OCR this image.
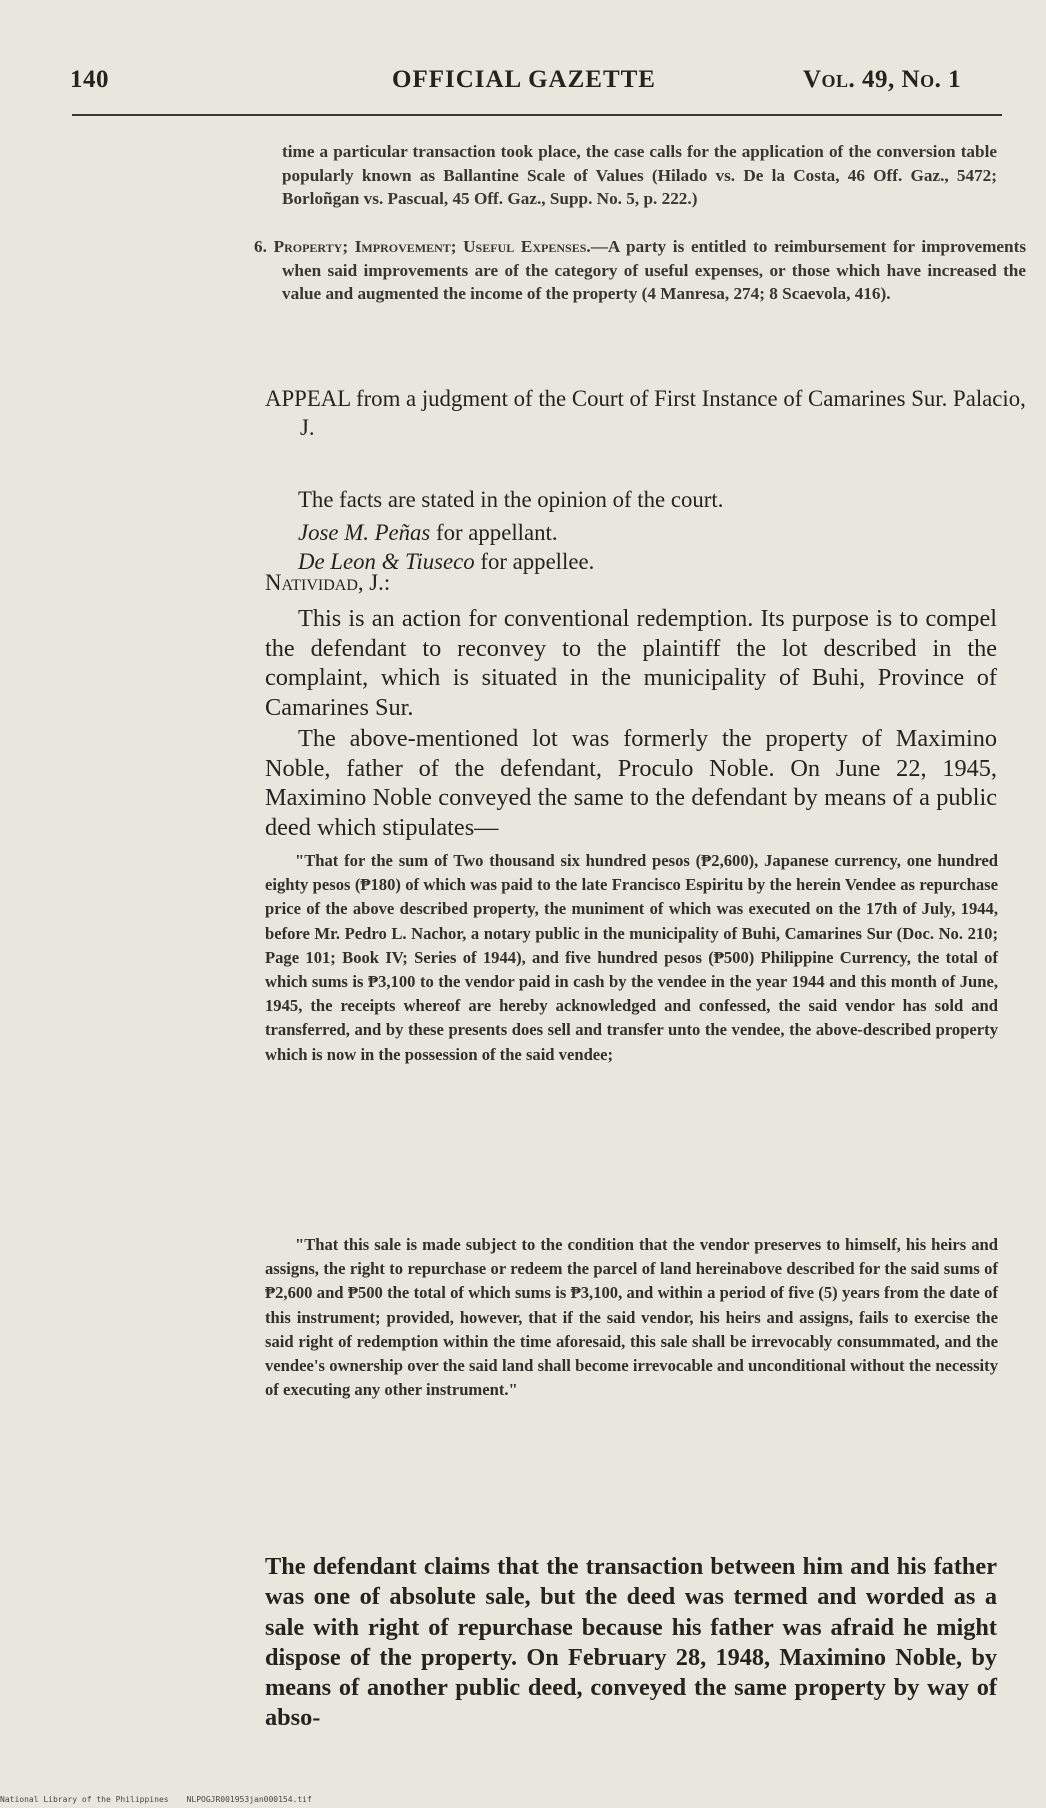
140	OFFICIAL GAZETTE	Vol. 49, No. 1

time a particular transaction took place, the case calls for the application of the conversion table popularly known as Ballantine Scale of Values (Hilado vs. De la Costa, 46 Off. Gaz., 5472; Borloñgan vs. Pascual, 45 Off. Gaz., Supp. No. 5, p. 222.)

6. Property; Improvement; Useful Expenses.—A party is entitled to reimbursement for improvements when said improvements are of the category of useful expenses, or those which have increased the value and augmented the income of the property (4 Manresa, 274; 8 Scaevola, 416).

APPEAL from a judgment of the Court of First Instance of Camarines Sur. Palacio, J.

The facts are stated in the opinion of the court.

Jose M. Peñas for appellant.

De Leon & Tiuseco for appellee.

Natividad, J.:

This is an action for conventional redemption. Its purpose is to compel the defendant to reconvey to the plaintiff the lot described in the complaint, which is situated in the municipality of Buhi, Province of Camarines Sur.

The above-mentioned lot was formerly the property of Maximino Noble, father of the defendant, Proculo Noble. On June 22, 1945, Maximino Noble conveyed the same to the defendant by means of a public deed which stipulates—

"That for the sum of Two thousand six hundred pesos (₱2,600), Japanese currency, one hundred eighty pesos (₱180) of which was paid to the late Francisco Espiritu by the herein Vendee as repurchase price of the above described property, the muniment of which was executed on the 17th of July, 1944, before Mr. Pedro L. Nachor, a notary public in the municipality of Buhi, Camarines Sur (Doc. No. 210; Page 101; Book IV; Series of 1944), and five hundred pesos (₱500) Philippine Currency, the total of which sums is ₱3,100 to the vendor paid in cash by the vendee in the year 1944 and this month of June, 1945, the receipts whereof are hereby acknowledged and confessed, the said vendor has sold and transferred, and by these presents does sell and transfer unto the vendee, the above-described property which is now in the possession of the said vendee;

"That this sale is made subject to the condition that the vendor preserves to himself, his heirs and assigns, the right to repurchase or redeem the parcel of land hereinabove described for the said sums of ₱2,600 and ₱500 the total of which sums is ₱3,100, and within a period of five (5) years from the date of this instrument; provided, however, that if the said vendor, his heirs and assigns, fails to exercise the said right of redemption within the time aforesaid, this sale shall be irrevocably consummated, and the vendee's ownership over the said land shall become irrevocable and unconditional without the necessity of executing any other instrument."

The defendant claims that the transaction between him and his father was one of absolute sale, but the deed was termed and worded as a sale with right of repurchase because his father was afraid he might dispose of the property. On February 28, 1948, Maximino Noble, by means of another public deed, conveyed the same property by way of abso-

National Library of the Philippines NLPOGJR001953jan000154.tif
